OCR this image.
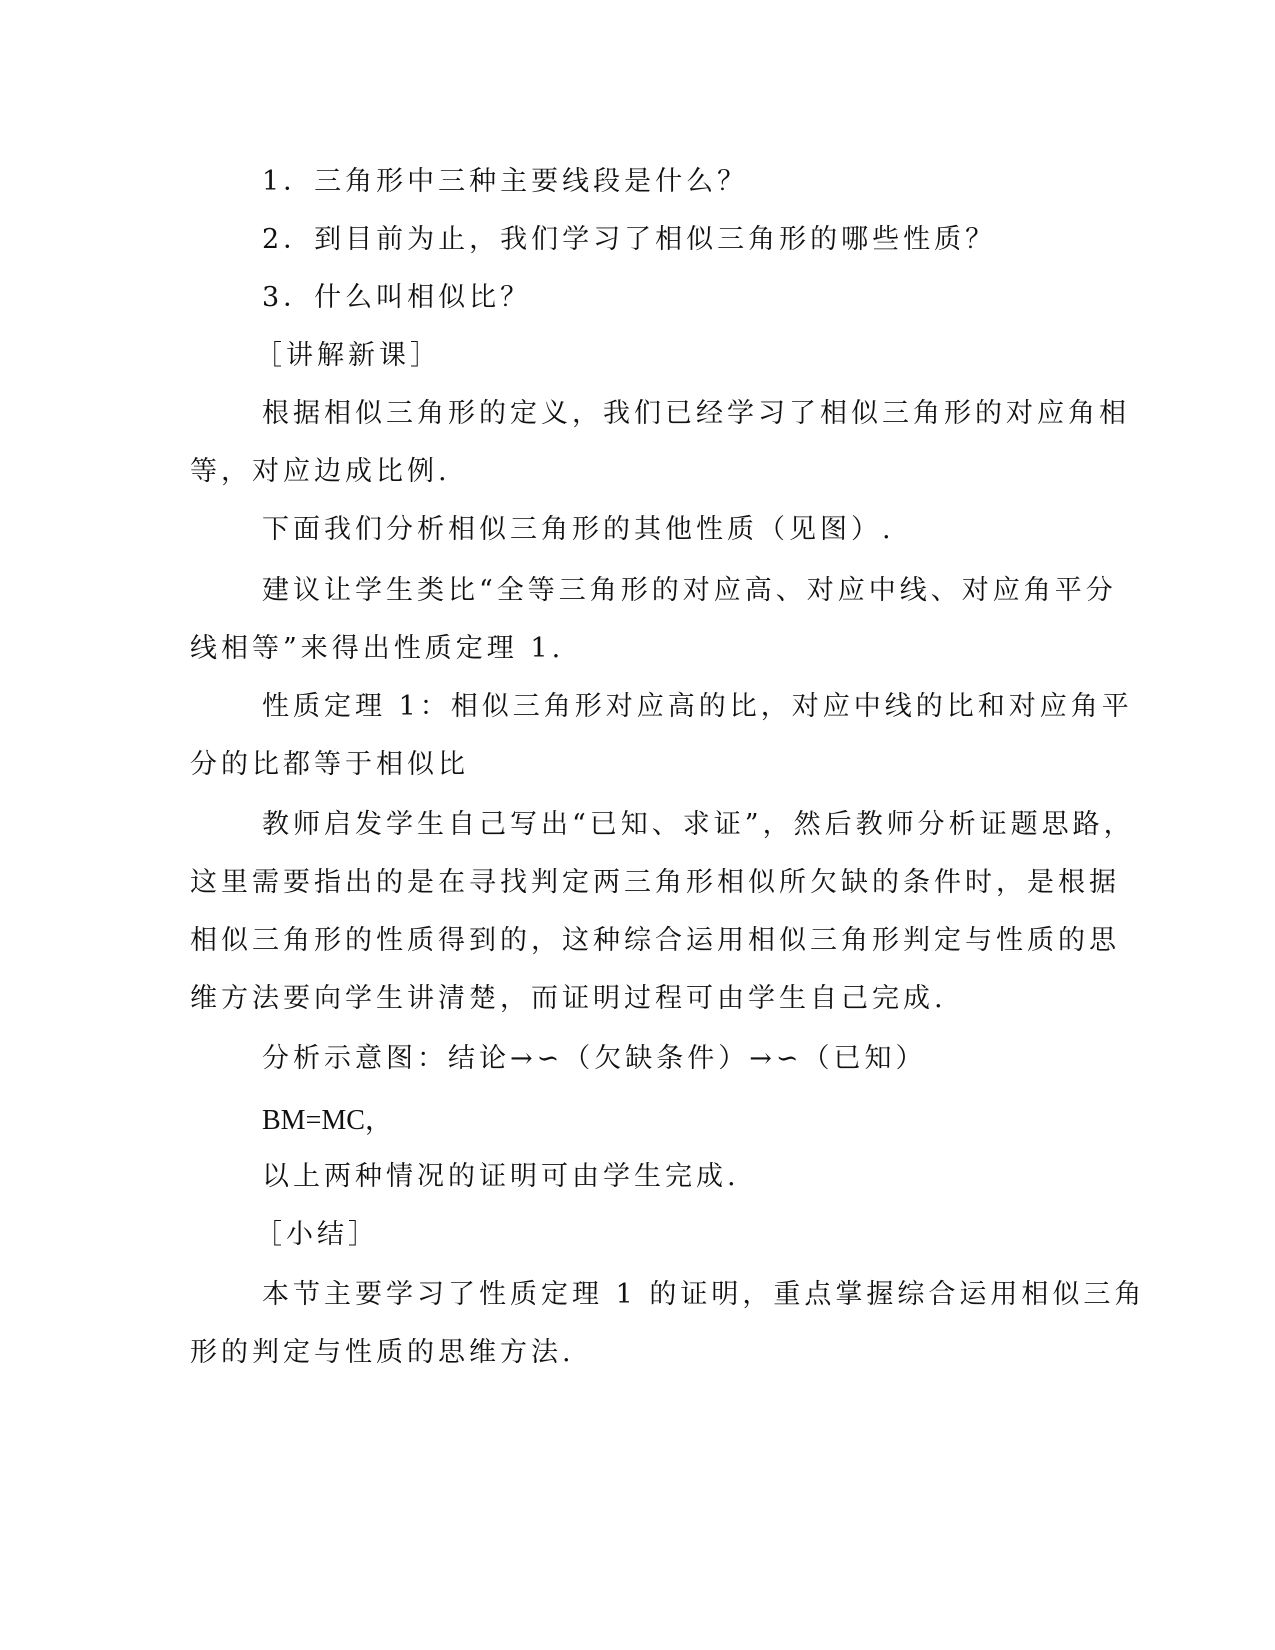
1．三角形中三种主要线段是什么？
2．到目前为止，我们学习了相似三角形的哪些性质？
3．什么叫相似比？
［讲解新课］
根据相似三角形的定义，我们已经学习了相似三角形的对应角相
等，对应边成比例.
下面我们分析相似三角形的其他性质（见图）.
建议让学生类比“全等三角形的对应高、对应中线、对应角平分
线相等”来得出性质定理 1.
性质定理 1：相似三角形对应高的比，对应中线的比和对应角平
分的比都等于相似比
教师启发学生自己写出“已知、求证”，然后教师分析证题思路，
这里需要指出的是在寻找判定两三角形相似所欠缺的条件时，是根据
相似三角形的性质得到的，这种综合运用相似三角形判定与性质的思
维方法要向学生讲清楚，而证明过程可由学生自己完成.
分析示意图：结论→∽（欠缺条件）→∽（已知）
BM=MC，
以上两种情况的证明可由学生完成.
［小结］
本节主要学习了性质定理 1 的证明，重点掌握综合运用相似三角
形的判定与性质的思维方法.
